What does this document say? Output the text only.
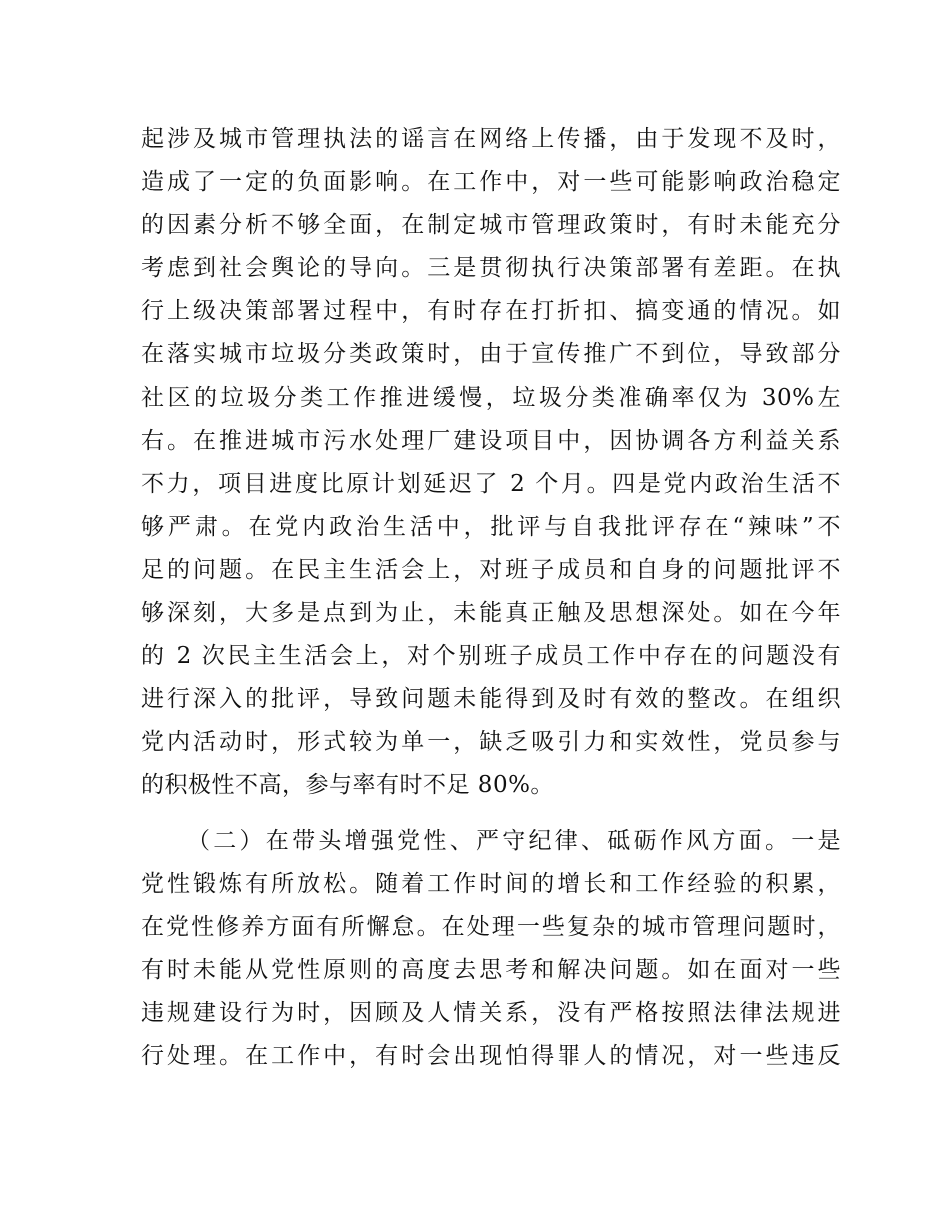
起涉及城市管理执法的谣言在网络上传播，由于发现不及时，
造成了一定的负面影响。在工作中，对一些可能影响政治稳定
的因素分析不够全面，在制定城市管理政策时，有时未能充分
考虑到社会舆论的导向。三是贯彻执行决策部署有差距。在执
行上级决策部署过程中，有时存在打折扣、搞变通的情况。如
在落实城市垃圾分类政策时，由于宣传推广不到位，导致部分
社区的垃圾分类工作推进缓慢，垃圾分类准确率仅为 30%左
右。在推进城市污水处理厂建设项目中，因协调各方利益关系
不力，项目进度比原计划延迟了 2 个月。四是党内政治生活不
够严肃。在党内政治生活中，批评与自我批评存在“辣味”不
足的问题。在民主生活会上，对班子成员和自身的问题批评不
够深刻，大多是点到为止，未能真正触及思想深处。如在今年
的 2 次民主生活会上，对个别班子成员工作中存在的问题没有
进行深入的批评，导致问题未能得到及时有效的整改。在组织
党内活动时，形式较为单一，缺乏吸引力和实效性，党员参与
的积极性不高，参与率有时不足 80%。
（二）在带头增强党性、严守纪律、砥砺作风方面。一是
党性锻炼有所放松。随着工作时间的增长和工作经验的积累，
在党性修养方面有所懈怠。在处理一些复杂的城市管理问题时，
有时未能从党性原则的高度去思考和解决问题。如在面对一些
违规建设行为时，因顾及人情关系，没有严格按照法律法规进
行处理。在工作中，有时会出现怕得罪人的情况，对一些违反
